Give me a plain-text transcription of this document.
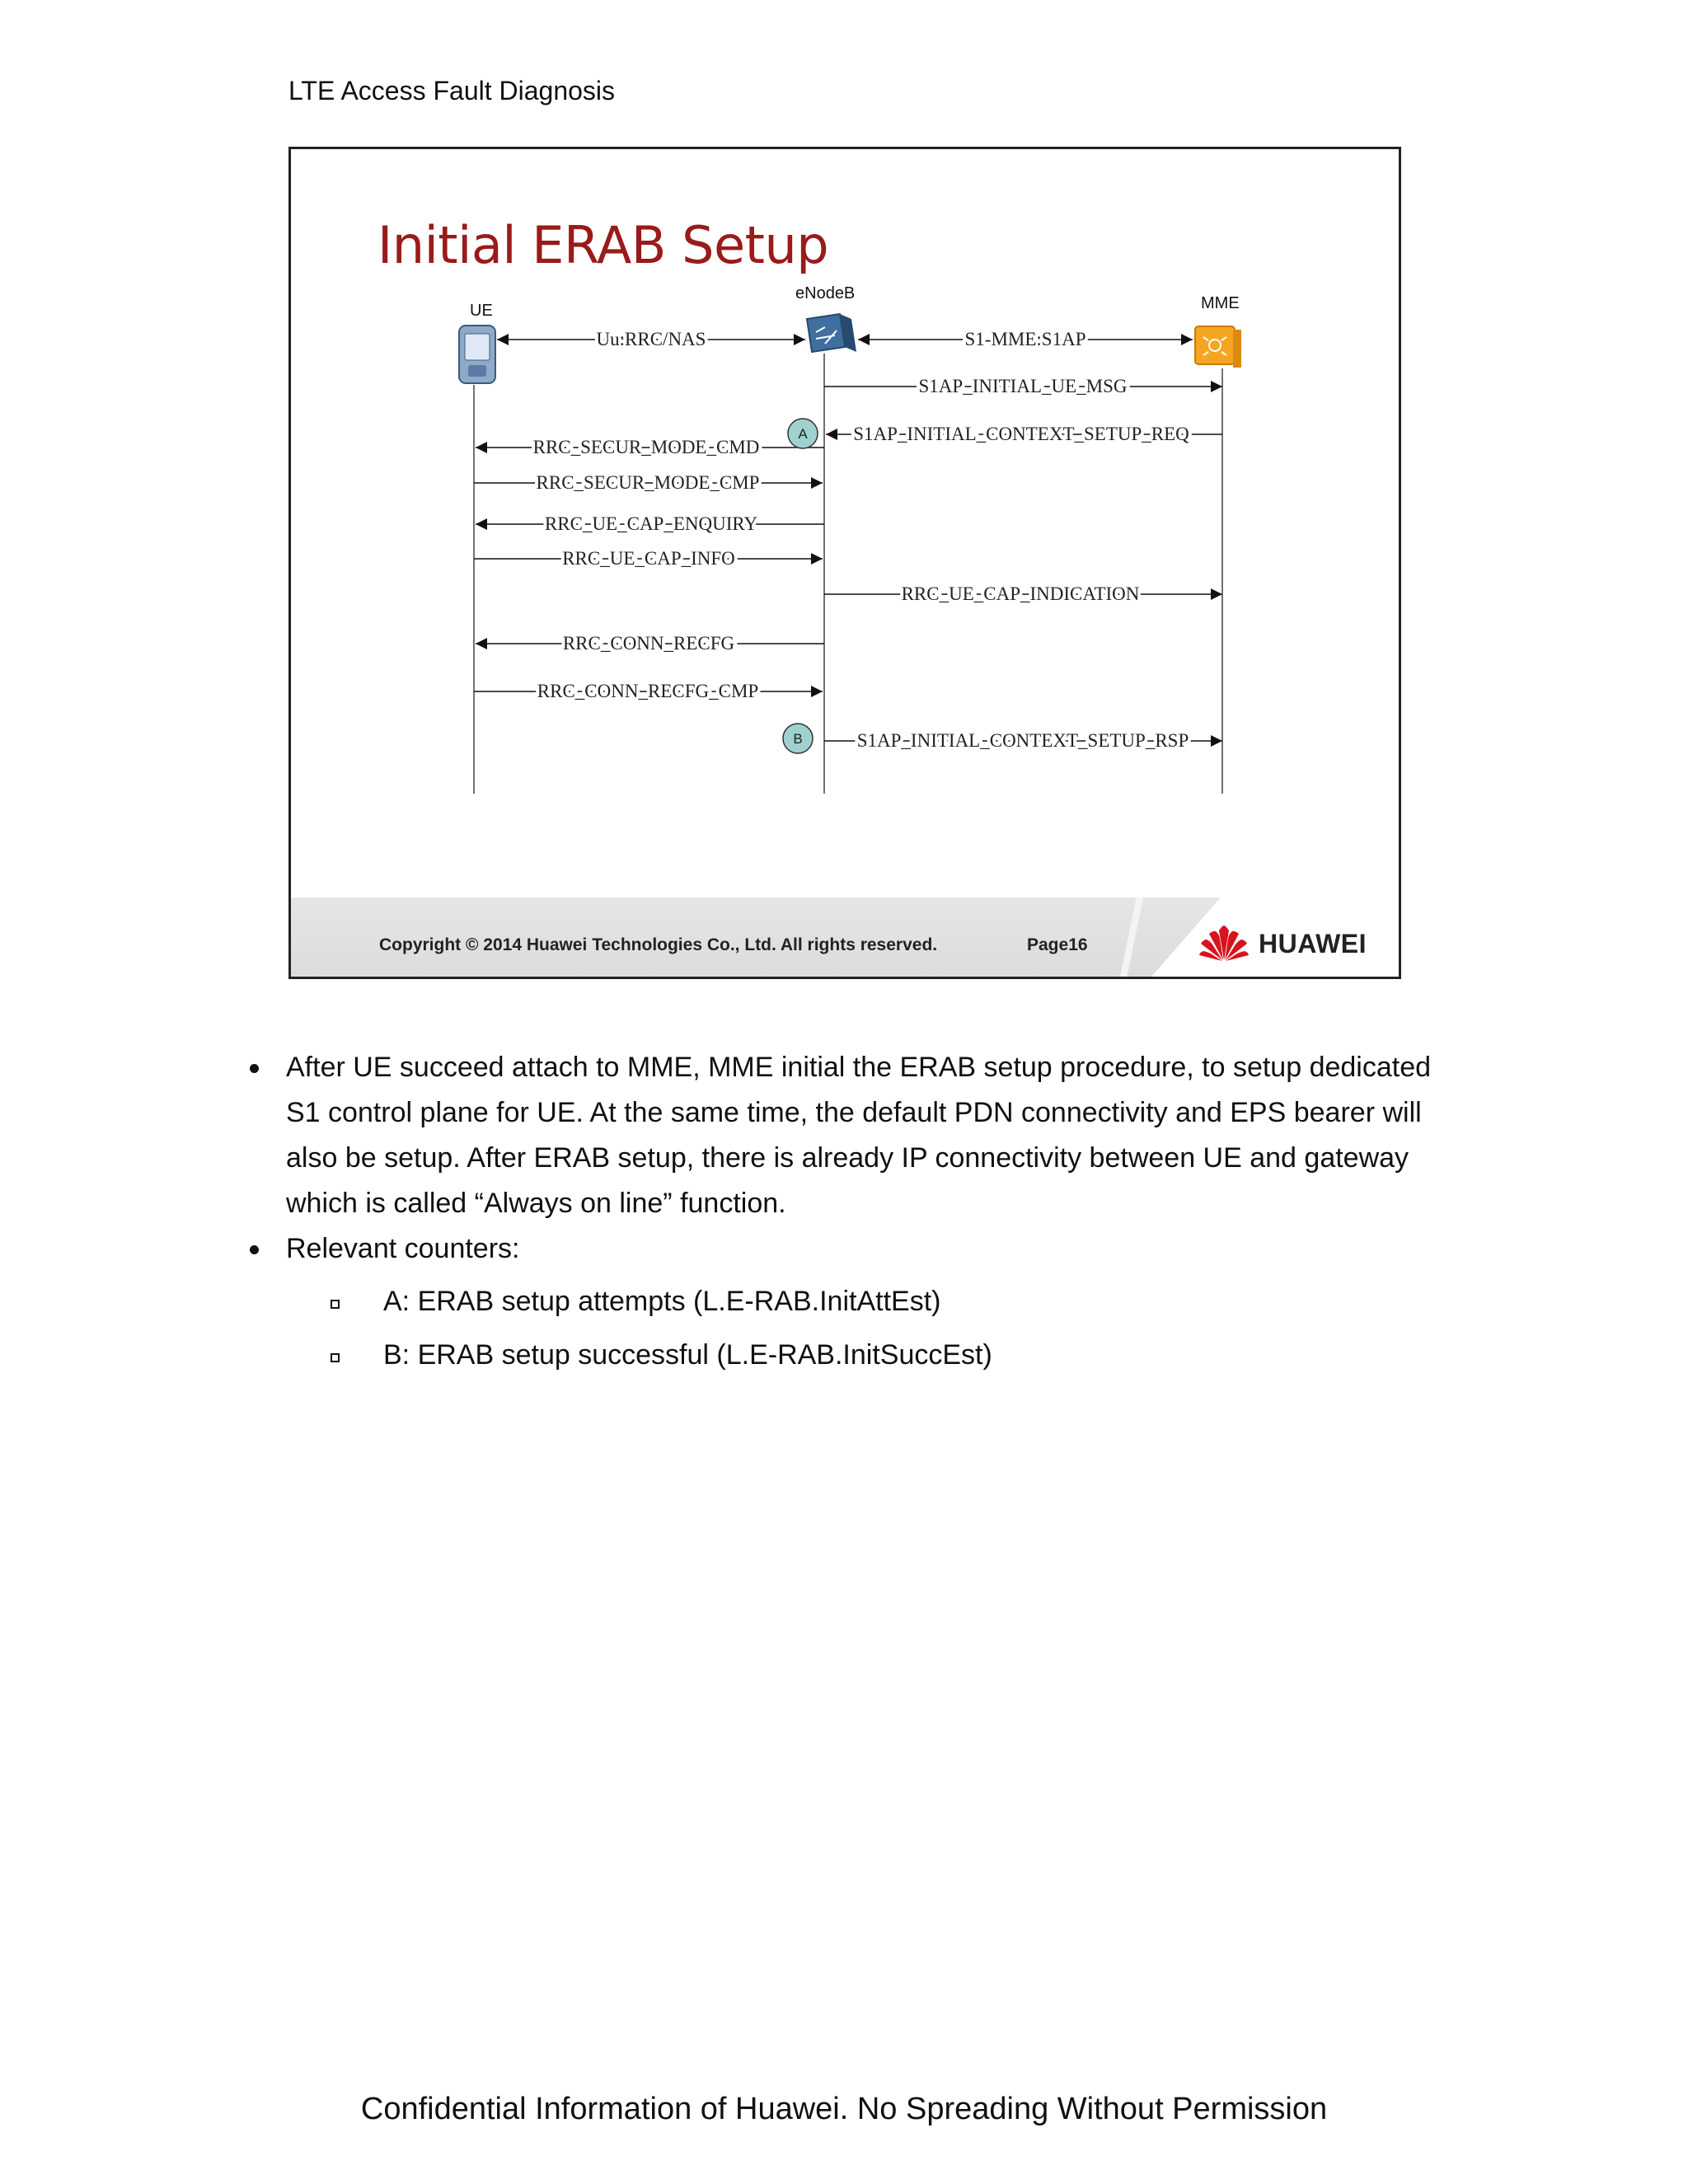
LTE Access Fault Diagnosis
Initial ERAB Setup
UE
eNodeB
MME
Uu:RRC/NAS	S1-MME:S1AP
S1AP_INITIAL_UE_MSG
S1AP_INITIAL_CONTEXT_SETUP_REQ
RRC_SECUR_MODE_CMD
RRC_SECUR_MODE_CMP
RRC_UE_CAP_ENQUIRY
RRC_UE_CAP_INFO
RRC_UE_CAP_INDICATION
RRC_CONN_RECFG
RRC_CONN_RECFG_CMP
S1AP_INITIAL_CONTEXT_SETUP_RSP
A
B
Copyright © 2014 Huawei Technologies Co., Ltd. All rights reserved.	Page16	HUAWEI
After UE succeed attach to MME, MME initial the ERAB setup procedure, to setup dedicated S1 control plane for UE. At the same time, the default PDN connectivity and EPS bearer will also be setup. After ERAB setup, there is already IP connectivity between UE and gateway which is called “Always on line” function.
Relevant counters:
A: ERAB setup attempts (L.E-RAB.InitAttEst)
B: ERAB setup successful (L.E-RAB.InitSuccEst)
Confidential Information of Huawei. No Spreading Without Permission
